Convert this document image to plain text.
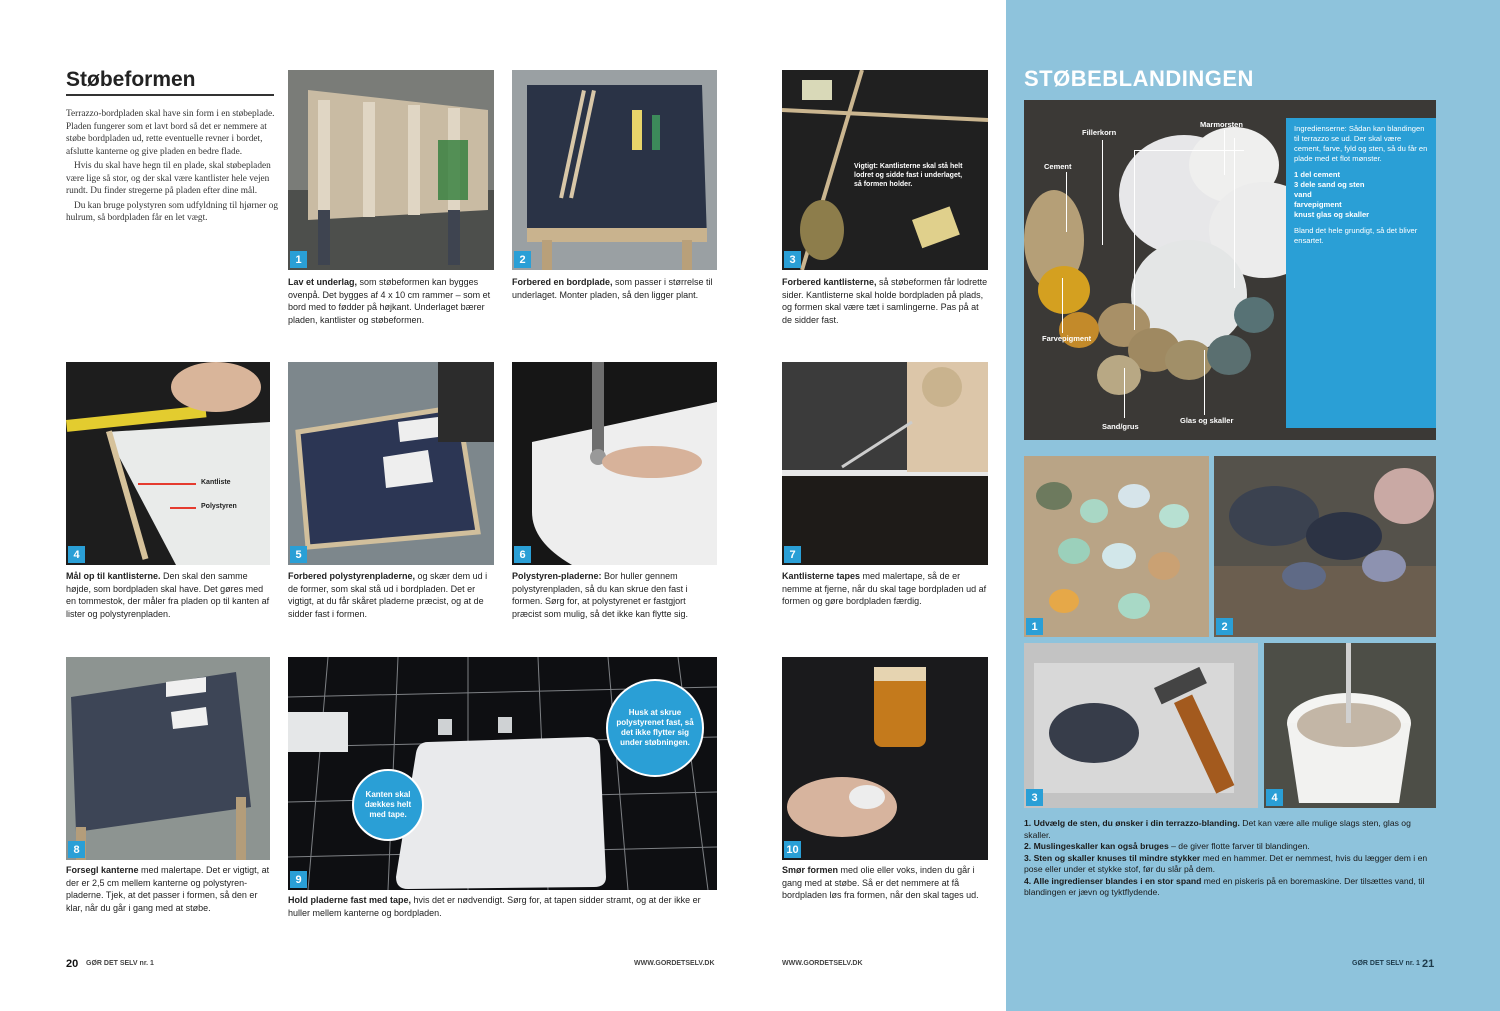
Støbeformen

Terrazzo-bordpladen skal have sin form i en støbeplade. Pladen fungerer som et lavt bord så det er nemmere at støbe bordpladen ud, rette eventuelle revner i bordet, afslutte kanterne og give pladen en bedre flade.

Hvis du skal have hegn til en plade, skal støbepladen være lige så stor, og der skal være kantlister hele vejen rundt. Du finder stregerne på pladen efter dine mål.

Du kan bruge polystyren som udfyldning til hjørner og hulrum, så bordpladen får en let vægt.

1
Lav et underlag, som støbeformen kan bygges ovenpå. Det bygges af 4 x 10 cm rammer – som et bord med to fødder på højkant. Underlaget bærer pladen, kantlister og støbeformen.
2
Forbered en bordplade, som passer i størrelse til underlaget. Monter pladen, så den ligger plant.
Kantliste
Polystyren
4
Mål op til kantlisterne. Den skal den samme højde, som bordpladen skal have. Det gøres med en tommestok, der måler fra pladen op til kanten af lister og polystyrenpladen.
5
Forbered polystyrenpladerne, og skær dem ud i de former, som skal stå ud i bordpladen. Det er vigtigt, at du får skåret pladerne præcist, og at de sidder fast i formen.
6
Polystyren-pladerne: Bor huller gennem polystyrenpladen, så du kan skrue den fast i formen. Sørg for, at polystyrenet er fastgjort præcist som mulig, så det ikke kan flytte sig.
8
Forsegl kanterne med malertape. Det er vigtigt, at der er 2,5 cm mellem kanterne og polystyren-pladerne. Tjek, at det passer i formen, så den er klar, når du går i gang med at støbe.
Kanten skal dækkes helt med tape.
Husk at skrue polystyrenet fast, så det ikke flytter sig under støbningen.
9
Hold pladerne fast med tape, hvis det er nødvendigt. Sørg for, at tapen sidder stramt, og at der ikke er huller mellem kanterne og bordpladen.
20 GØR DET SELV nr. 1	WWW.GORDETSELV.DK
Vigtigt: Kantlisterne skal stå helt lodret og sidde fast i underlaget, så formen holder.
3
Forbered kantlisterne, så støbeformen får lodrette sider. Kantlisterne skal holde bordpladen på plads, og formen skal være tæt i samlingerne. Pas på at de sidder fast.
7
Kantlisterne tapes med malertape, så de er nemme at fjerne, når du skal tage bordpladen ud af formen og gøre bordpladen færdig.
10
Smør formen med olie eller voks, inden du går i gang med at støbe. Så er det nemmere at få bordpladen løs fra formen, når den skal tages ud.
WWW.GORDETSELV.DK
STØBEBLANDINGEN
Cement
Fillerkorn
Marmorsten
Farvepigment
Sand/grus
Glas og skaller

Ingredienserne: Sådan kan blandingen til terrazzo se ud. Der skal være cement, farve, fyld og sten, så du får en plade med et flot mønster.

1 del cement
3 dele sand og sten
vand
farvepigment
knust glas og skaller

Bland det hele grundigt, så det bliver ensartet.

1	2
3	4
1. Udvælg de sten, du ønsker i din terrazzo-blanding. Det kan være alle mulige slags sten, glas og skaller.
2. Muslingeskaller kan også bruges – de giver flotte farver til blandingen.
3. Sten og skaller knuses til mindre stykker med en hammer. Det er nemmest, hvis du lægger dem i en pose eller under et stykke stof, før du slår på dem.
4. Alle ingredienser blandes i en stor spand med en piskeris på en boremaskine. Der tilsættes vand, til blandingen er jævn og tyktflydende.
GØR DET SELV nr. 1 21
